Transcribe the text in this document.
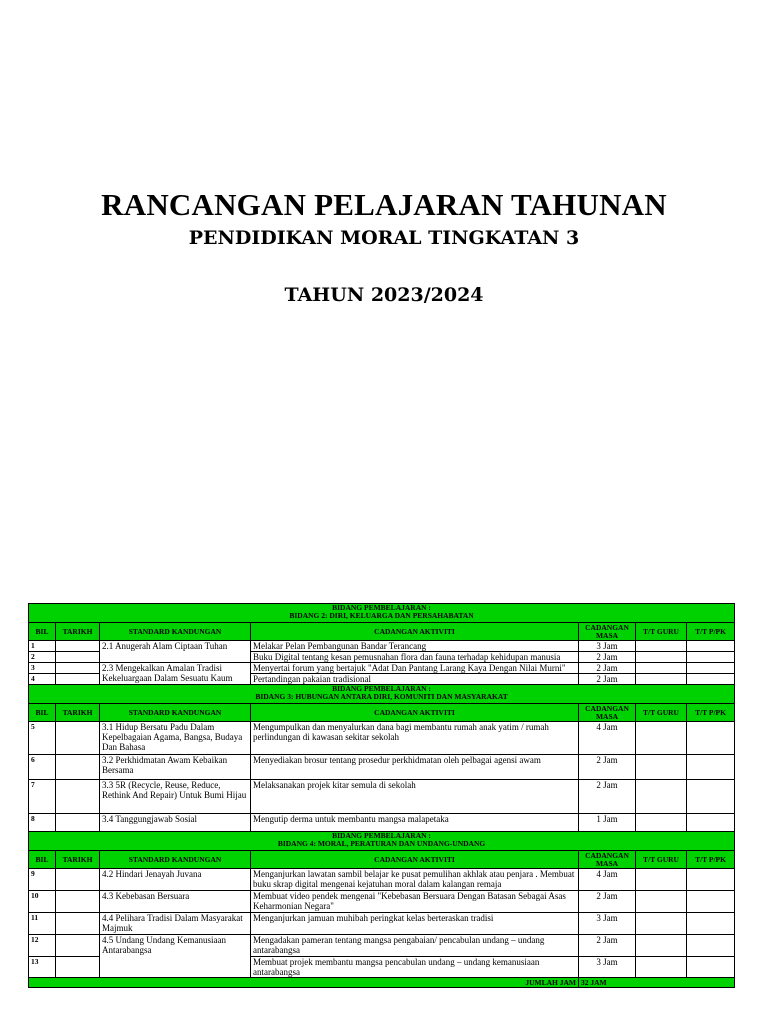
RANCANGAN PELAJARAN TAHUNAN
PENDIDIKAN MORAL TINGKATAN 3
TAHUN 2023/2024
BIDANG PEMBELAJARAN :
BIDANG 2: DIRI, KELUARGA DAN PERSAHABATAN						
BIL	TARIKH	STANDARD KANDUNGAN	CADANGAN AKTIVITI	CADANGAN MASA	T/T GURU	T/T P/PK
1		2.1 Anugerah Alam Ciptaan Tuhan	Melakar Pelan Pembangunan Bandar Terancang	3 Jam		
2			Buku Digital tentang kesan pemusnahan flora dan fauna terhadap kehidupan manusia	2 Jam		
3		2.3 Mengekalkan Amalan Tradisi Kekeluargaan Dalam Sesuatu Kaum	Menyertai forum yang bertajuk "Adat Dan Pantang Larang Kaya Dengan Nilai Murni"	2 Jam		
4			Pertandingan pakaian tradisional	2 Jam		
BIDANG PEMBELAJARAN :
BIDANG 3: HUBUNGAN ANTARA DIRI, KOMUNITI DAN MASYARAKAT						
BIL	TARIKH	STANDARD KANDUNGAN	CADANGAN AKTIVITI	CADANGAN MASA	T/T GURU	T/T P/PK
5		3.1 Hidup Bersatu Padu Dalam Kepelbagaian Agama, Bangsa, Budaya Dan Bahasa	Mengumpulkan dan menyalurkan dana bagi membantu rumah anak yatim / rumah perlindungan di kawasan sekitar sekolah	4 Jam		
6		3.2 Perkhidmatan Awam Kebaikan Bersama	Menyediakan brosur tentang prosedur perkhidmatan oleh pelbagai agensi awam	2 Jam		
7		3.3 5R (Recycle, Reuse, Reduce, Rethink And Repair) Untuk Bumi Hijau	Melaksanakan projek kitar semula di sekolah	2 Jam		
8		3.4 Tanggungjawab Sosial	Mengutip derma untuk membantu mangsa malapetaka	1 Jam		
BIDANG PEMBELAJARAN :
BIDANG 4: MORAL, PERATURAN DAN UNDANG-UNDANG						
BIL	TARIKH	STANDARD KANDUNGAN	CADANGAN AKTIVITI	CADANGAN MASA	T/T GURU	T/T P/PK
9		4.2 Hindari Jenayah Juvana	Menganjurkan lawatan sambil belajar ke pusat pemulihan akhlak atau penjara . Membuat buku skrap digital mengenai kejatuhan moral dalam kalangan remaja	4 Jam		
10		4.3 Kebebasan Bersuara	Membuat video pendek mengenai "Kebebasan Bersuara Dengan Batasan Sebagai Asas Keharmonian Negara"	2 Jam		
11		4.4 Pelihara Tradisi Dalam Masyarakat Majmuk	Menganjurkan jamuan muhibah peringkat kelas berteraskan tradisi	3 Jam		
12		4.5 Undang Undang Kemanusiaan Antarabangsa	Mengadakan pameran tentang mangsa pengabaian/ pencabulan undang – undang antarabangsa	2 Jam		
13			Membuat projek membantu mangsa pencabulan undang – undang kemanusiaan antarabangsa	3 Jam		
JUMLAH JAM				32 JAM		
